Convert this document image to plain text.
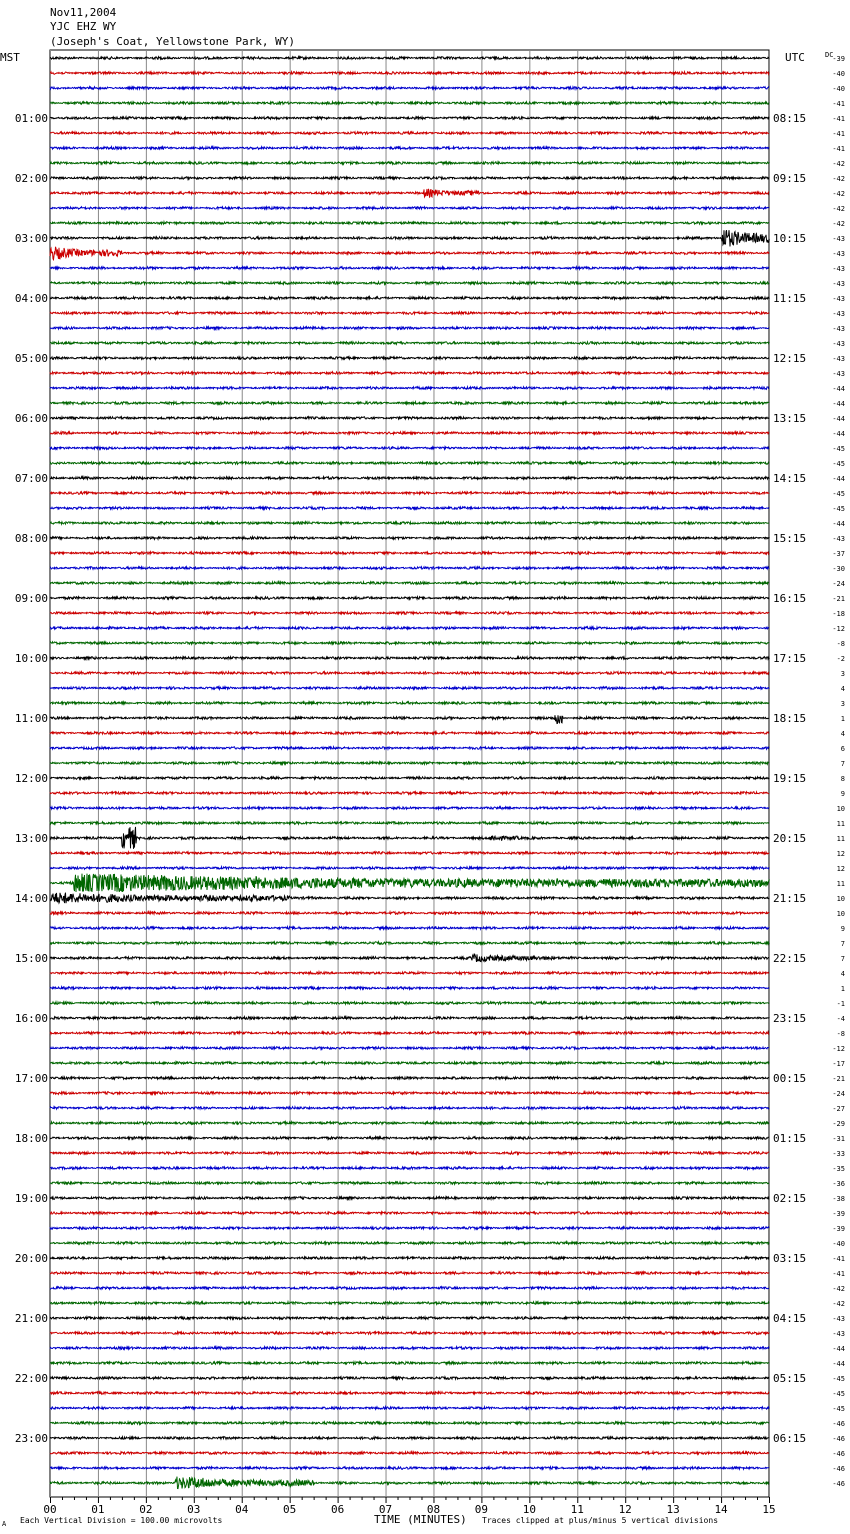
Nov11,2004
YJC EHZ WY
(Joseph's Coat, Yellowstone Park, WY)
MST	UTC	DC
00	01	02	03	04	05	06	07	08	09	10	11	12	13	14	15
-39
-40
-40
-41
-41
-41
-41
-42
-42
-42
-42
-42
-43
-43
-43
-43
-43
-43
-43
-43
-43
-43
-44
-44
-44
-44
-45
-45
-44
-45
-45
-44
-43
-37
-30
-24
-21
-18
-12
-8
-2
3
4
3
1
4
6
7
8
9
10
11
11
12
12
11
10
10
9
7
7
4
1
-1
-4
-8
-12
-17
-21
-24
-27
-29
-31
-33
-35
-36
-38
-39
-39
-40
-41
-41
-42
-42
-43
-43
-44
-44
-45
-45
-45
-46
-46
-46
-46
-46
01:00
02:00
03:00
04:00
05:00
06:00
07:00
08:00
09:00
10:00
11:00
12:00
13:00
14:00
15:00
16:00
17:00
18:00
19:00
20:00
21:00
22:00
23:00
08:15
09:15
10:15
11:15
12:15
13:15
14:15
15:15
16:15
17:15
18:15
19:15
20:15
21:15
22:15
23:15
00:15
01:15
02:15
03:15
04:15
05:15
06:15
A Each Vertical Division = 100.00 microvolts	TIME (MINUTES) Traces clipped at plus/minus 5 vertical divisions
